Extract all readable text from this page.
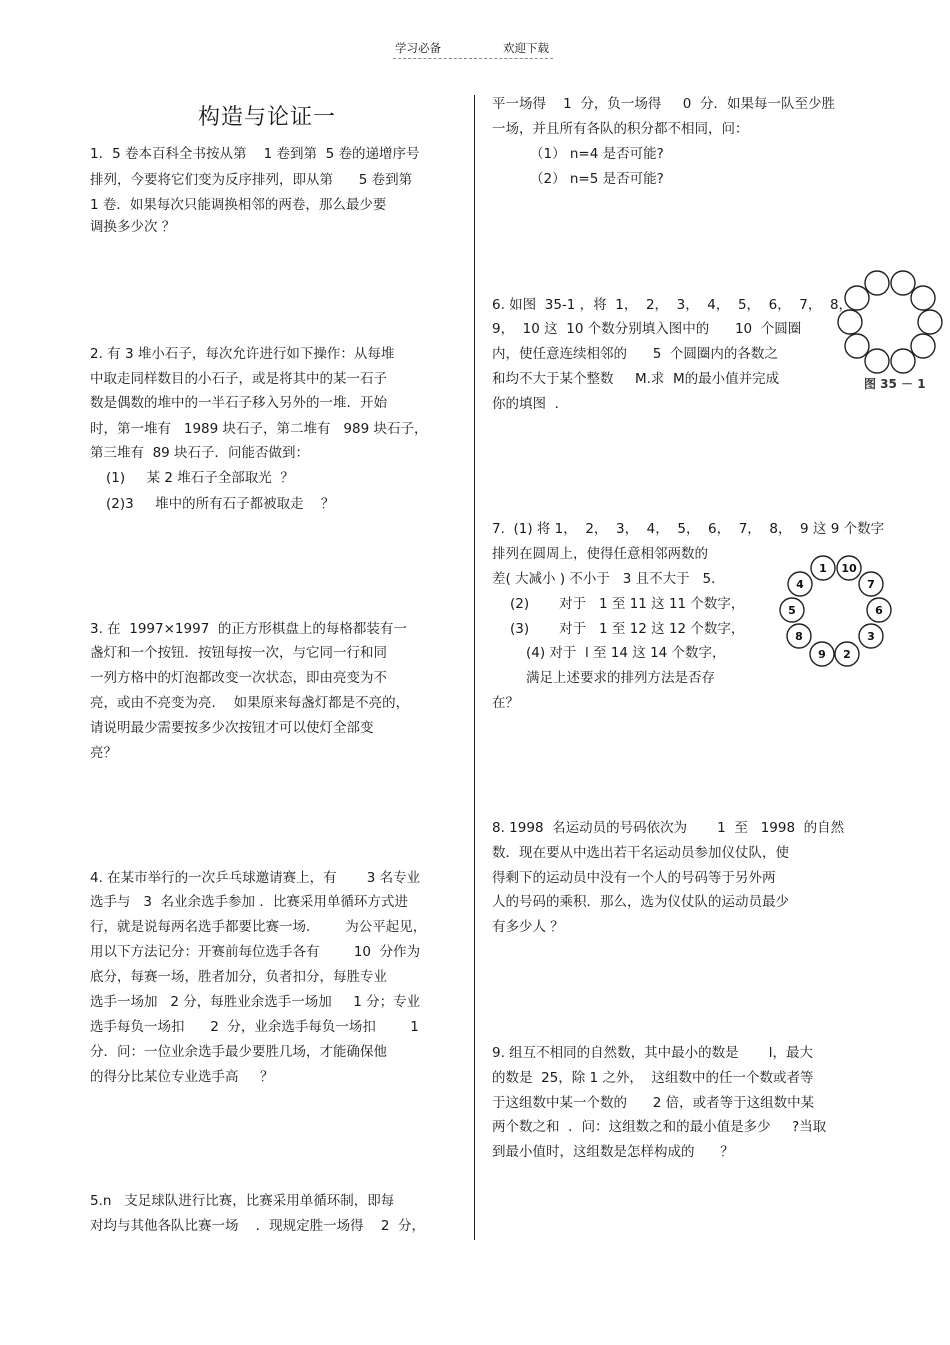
学习必备	欢迎下载
构造与论证一
1．5 卷本百科全书按从第    1 卷到第  5 卷的递增序号
排列，今要将它们变为反序排列，即从第      5 卷到第
1 卷．如果每次只能调换相邻的两卷，那么最少要
调换多少次 ？
2. 有 3 堆小石子，每次允许进行如下操作：从每堆
中取走同样数目的小石子，或是将其中的某一石子
数是偶数的堆中的一半石子移入另外的一堆．开始
时，第一堆有   1989 块石子，第二堆有   989 块石子，
第三堆有  89 块石子．问能否做到：
(1)     某 2 堆石子全部取光  ？
(2)3     堆中的所有石子都被取走    ？
3. 在  1997×1997  的正方形棋盘上的每格都装有一
盏灯和一个按钮．按钮每按一次，与它同一行和同
一列方格中的灯泡都改变一次状态，即由亮变为不
亮，或由不亮变为亮．  如果原来每盏灯都是不亮的，
请说明最少需要按多少次按钮才可以使灯全部变
亮？
4. 在某市举行的一次乒乓球邀请赛上，有       3 名专业
选手与   3  名业余选手参加 ．比赛采用单循环方式进
行，就是说每两名选手都要比赛一场．      为公平起见，
用以下方法记分：开赛前每位选手各有        10  分作为
底分，每赛一场，胜者加分，负者扣分，每胜专业
选手一场加   2 分，每胜业余选手一场加     1 分；专业
选手每负一场扣      2  分，业余选手每负一场扣        1
分．问：一位业余选手最少要胜几场，才能确保他
的得分比某位专业选手高     ？
5.n   支足球队进行比赛，比赛采用单循环制，即每
对均与其他各队比赛一场    ．现规定胜一场得    2  分，
平一场得    1  分，负一场得     0  分．如果每一队至少胜
一场，并且所有各队的积分都不相同，问：
（1） n=4 是否可能?
（2） n=5 是否可能?
6. 如图  35-1 ，将  1，  2，  3，  4，  5，  6，  7，  8，
9，  10 这  10 个数分别填入图中的      10  个圆圈
内，使任意连续相邻的      5  个圆圈内的各数之
和均不大于某个整数     M.求  M的最小值并完成
你的填图  ．
图 35 － 1
7.  (1) 将 1，  2，  3，  4，  5，  6，  7，  8，  9 这 9 个数字
排列在圆周上，使得任意相邻两数的
差( 大减小 ) 不小于   3 且不大于   5．
(2)       对于   1 至 11 这 11 个数字，
(3)       对于   1 至 12 这 12 个数字，
(4) 对于  l 至 14 这 14 个数字，
满足上述要求的排列方法是否存
在？
1 10
7
6
3
2
9
8
5
4
8. 1998  名运动员的号码依次为       1  至   1998  的自然
数．现在要从中选出若干名运动员参加仪仗队，使
得剩下的运动员中没有一个人的号码等于另外两
人的号码的乘积．那么，选为仪仗队的运动员最少
有多少人 ？
9. 组互不相同的自然数，其中最小的数是       l，最大
的数是  25，除 1 之外，  这组数中的任一个数或者等
于这组数中某一个数的      2 倍，或者等于这组数中某
两个数之和  ．问：这组数之和的最小值是多少     ?当取
到最小值时，这组数是怎样构成的      ？
